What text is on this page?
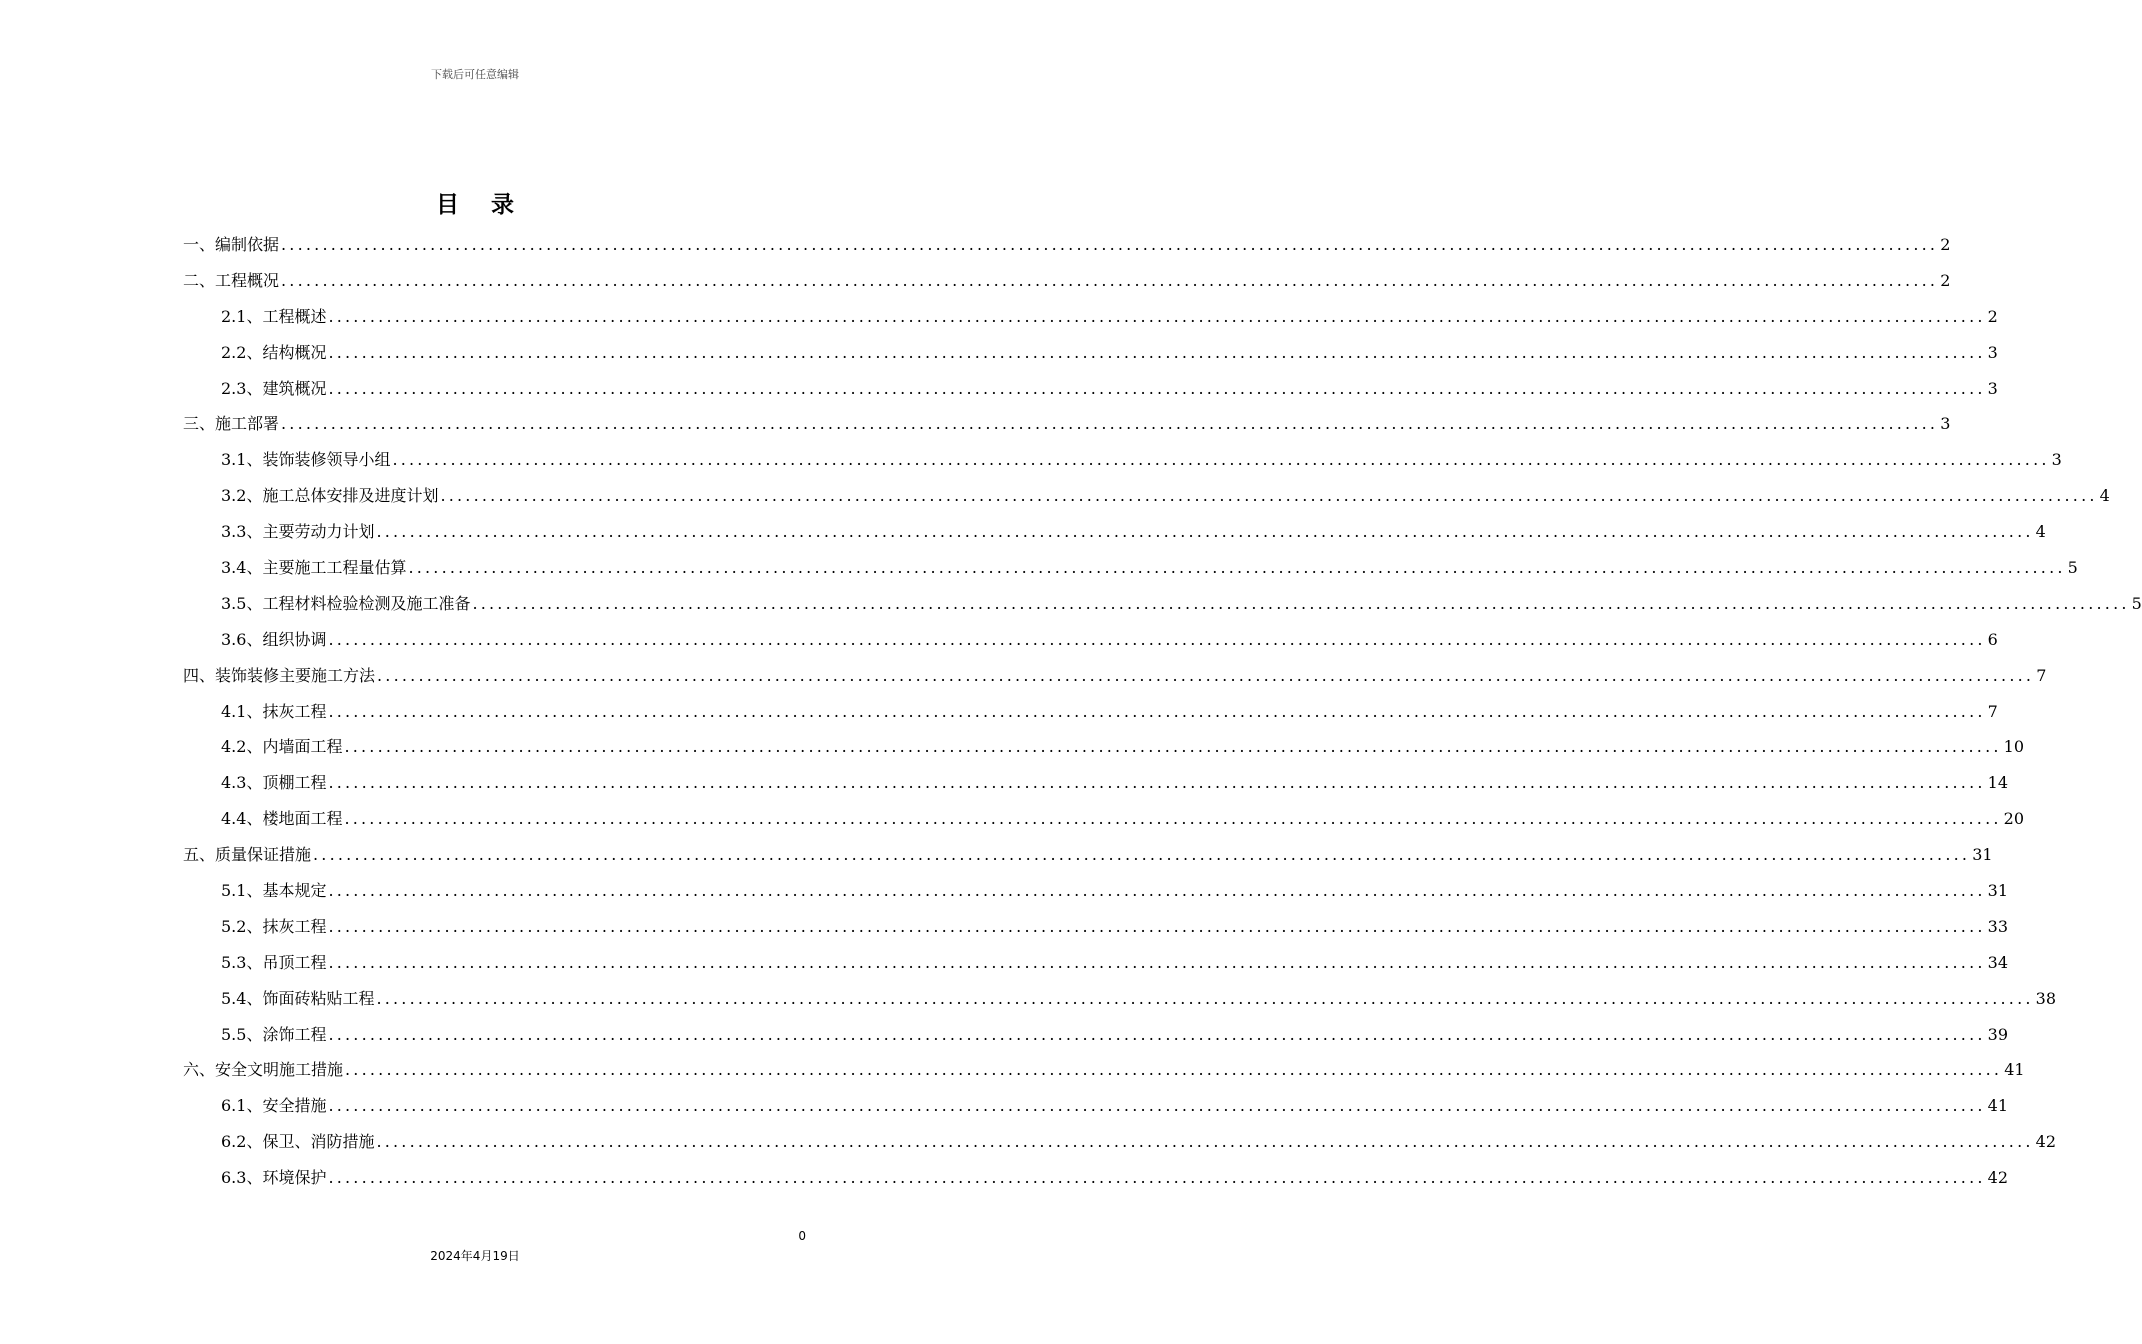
下载后可任意编辑
目 录
一、编制依据 ........................................................................................................................................................................................................ 2
二、工程概况 ........................................................................................................................................................................................................ 2
2.1、工程概述 ........................................................................................................................................................................................................ 2
2.2、结构概况 ........................................................................................................................................................................................................ 3
2.3、建筑概况 ........................................................................................................................................................................................................ 3
三、施工部署 ........................................................................................................................................................................................................ 3
3.1、装饰装修领导小组 ........................................................................................................................................................................................................ 3
3.2、施工总体安排及进度计划 ........................................................................................................................................................................................................ 4
3.3、主要劳动力计划 ........................................................................................................................................................................................................ 4
3.4、主要施工工程量估算 ........................................................................................................................................................................................................ 5
3.5、工程材料检验检测及施工准备 ........................................................................................................................................................................................................ 5
3.6、组织协调 ........................................................................................................................................................................................................ 6
四、装饰装修主要施工方法 ........................................................................................................................................................................................................ 7
4.1、抹灰工程 ........................................................................................................................................................................................................ 7
4.2、内墙面工程 ........................................................................................................................................................................................................ 10
4.3、顶棚工程 ........................................................................................................................................................................................................ 14
4.4、楼地面工程 ........................................................................................................................................................................................................ 20
五、质量保证措施 ........................................................................................................................................................................................................ 31
5.1、基本规定 ........................................................................................................................................................................................................ 31
5.2、抹灰工程 ........................................................................................................................................................................................................ 33
5.3、吊顶工程 ........................................................................................................................................................................................................ 34
5.4、饰面砖粘贴工程 ........................................................................................................................................................................................................ 38
5.5、涂饰工程 ........................................................................................................................................................................................................ 39
六、安全文明施工措施 ........................................................................................................................................................................................................ 41
6.1、安全措施 ........................................................................................................................................................................................................ 41
6.2、保卫、消防措施 ........................................................................................................................................................................................................ 42
6.3、环境保护 ........................................................................................................................................................................................................ 42
0
2024年4月19日
